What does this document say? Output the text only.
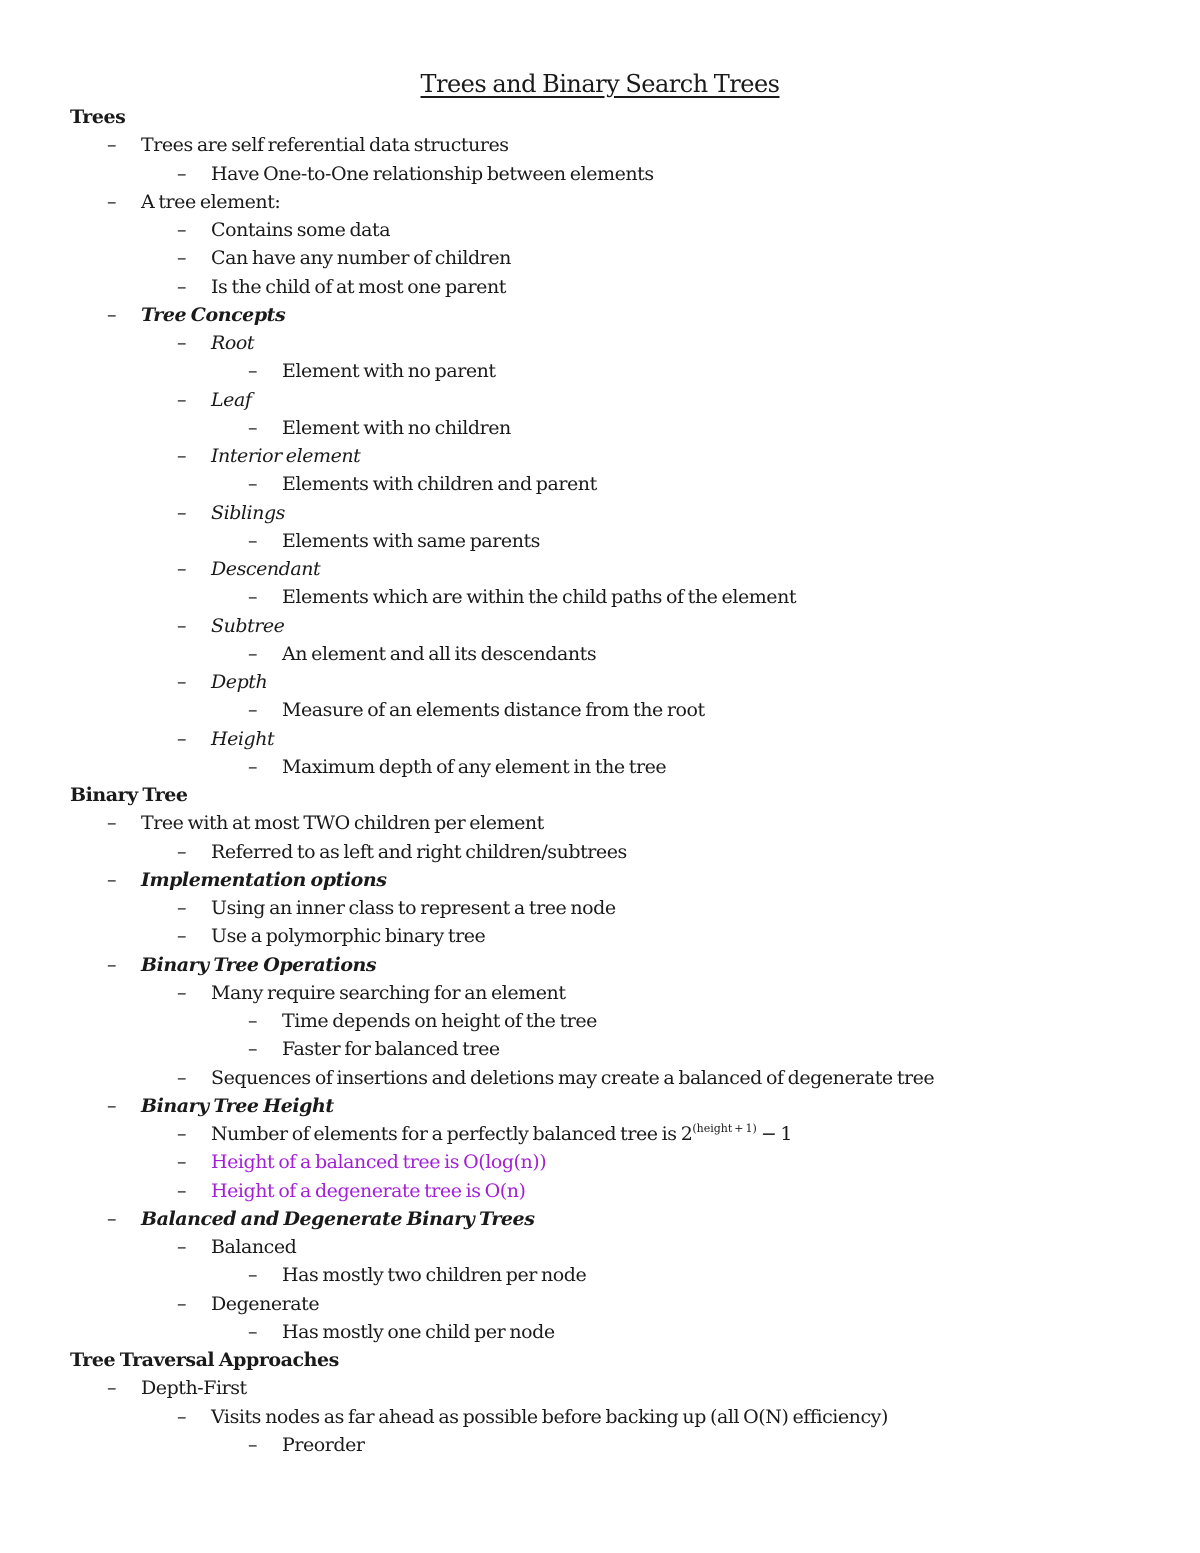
Trees and Binary Search Trees
Trees
– Trees are self referential data structures
– Have One-to-One relationship between elements
– A tree element:
– Contains some data
– Can have any number of children
– Is the child of at most one parent
– Tree Concepts
– Root
– Element with no parent
– Leaf
– Element with no children
– Interior element
– Elements with children and parent
– Siblings
– Elements with same parents
– Descendant
– Elements which are within the child paths of the element
– Subtree
– An element and all its descendants
– Depth
– Measure of an elements distance from the root
– Height
– Maximum depth of any element in the tree
Binary Tree
– Tree with at most TWO children per element
– Referred to as left and right children/subtrees
– Implementation options
– Using an inner class to represent a tree node
– Use a polymorphic binary tree
– Binary Tree Operations
– Many require searching for an element
– Time depends on height of the tree
– Faster for balanced tree
– Sequences of insertions and deletions may create a balanced of degenerate tree
– Binary Tree Height
– Number of elements for a perfectly balanced tree is $2^{(height + 1)} - 1$
– Height of a balanced tree is O(log(n))
– Height of a degenerate tree is O(n)
– Balanced and Degenerate Binary Trees
– Balanced
– Has mostly two children per node
– Degenerate
– Has mostly one child per node
Tree Traversal Approaches
– Depth-First
– Visits nodes as far ahead as possible before backing up (all O(N) efficiency)
– Preorder
